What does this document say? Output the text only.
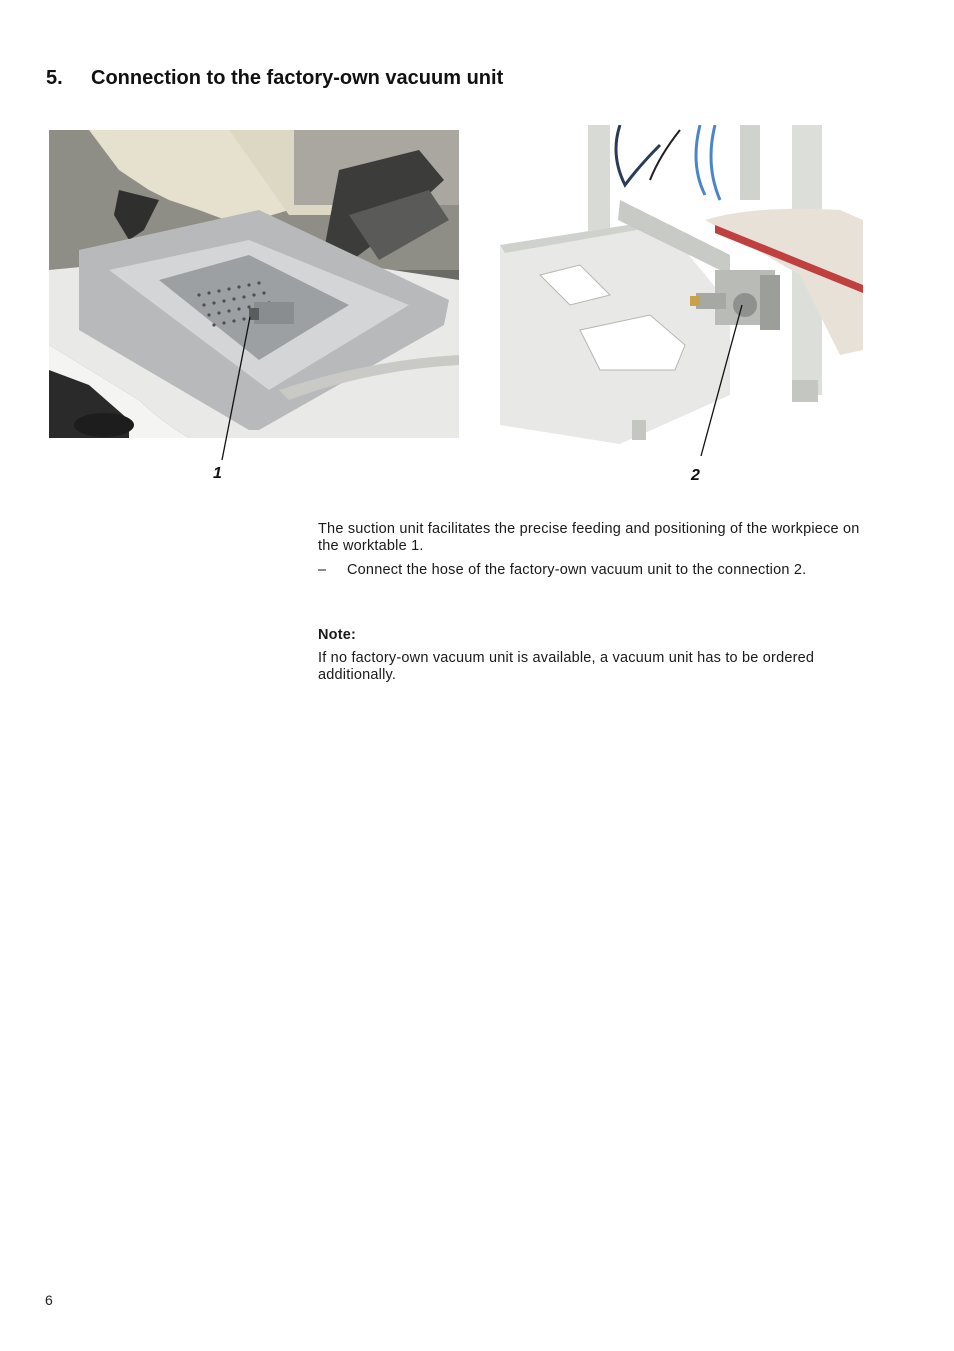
5.	Connection to the factory-own vacuum unit
1	2
The suction unit facilitates the precise feeding and positioning of the workpiece on the worktable 1.
–	Connect the hose of the factory-own vacuum unit to the connection 2.
Note:
If no factory-own vacuum unit is available, a vacuum unit has to be ordered additionally.
6
